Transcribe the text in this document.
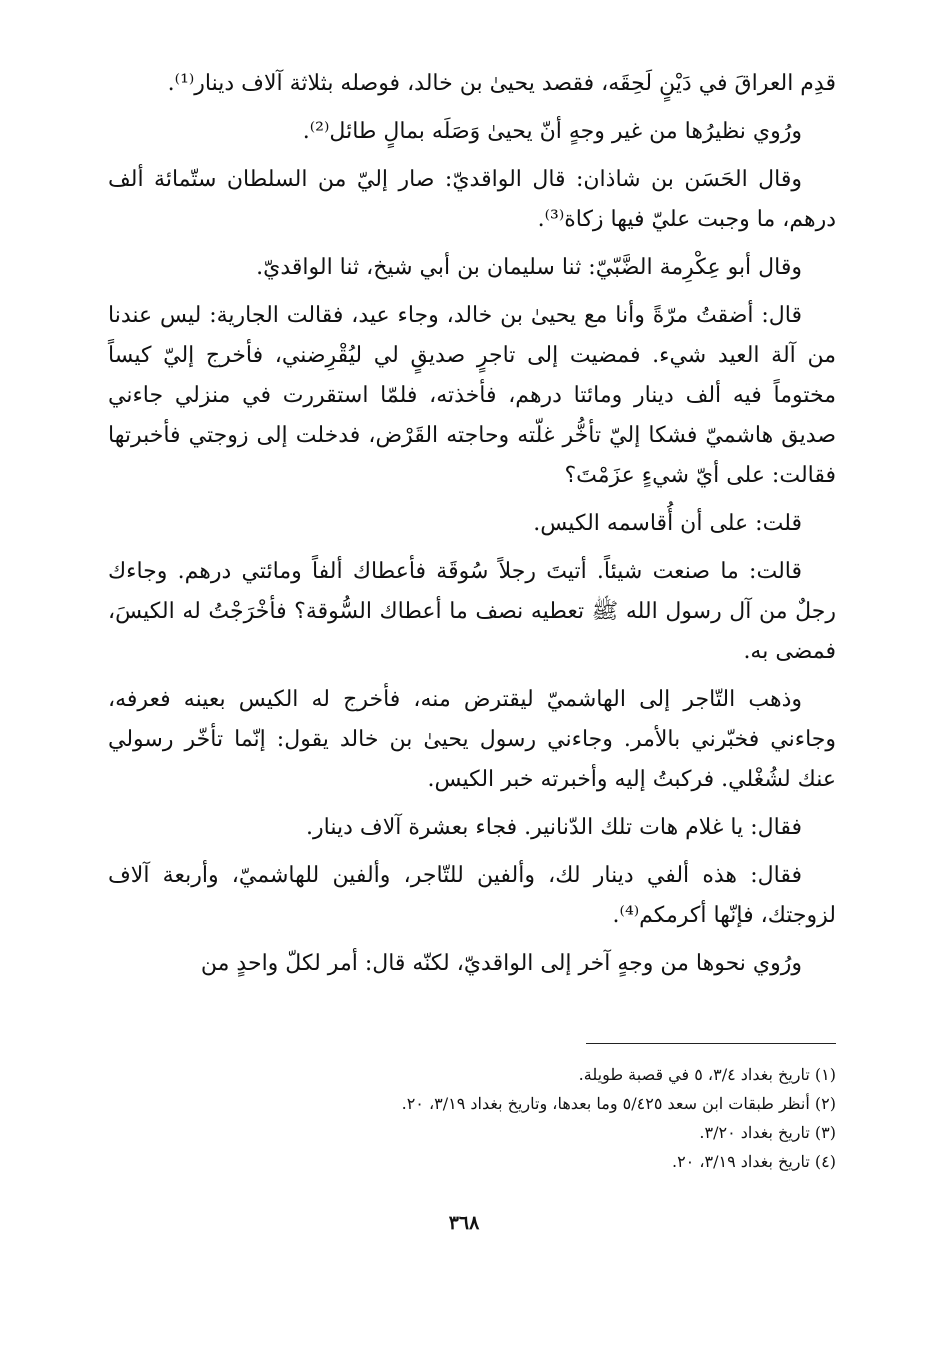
قدِم العراقَ في دَيْنٍ لَحِقَه، فقصد يحيىٰ بن خالد، فوصله بثلاثة آلاف دينار⁽¹⁾.

ورُوي نظيرُها من غير وجهٍ أنّ يحيىٰ وَصَلَه بمالٍ طائل⁽²⁾.

وقال الحَسَن بن شاذان: قال الواقديّ: صار إليّ من السلطان ستّمائة ألف درهم، ما وجبت عليّ فيها زكاة⁽³⁾.

وقال أبو عِكْرِمة الضَّبّيّ: ثنا سليمان بن أبي شيخ، ثنا الواقديّ.

قال: أضقتُ مرّةً وأنا مع يحيىٰ بن خالد، وجاء عيد، فقالت الجارية: ليس عندنا من آلة العيد شيء. فمضيت إلى تاجرٍ صديقٍ لي ليُقْرِضني، فأخرج إليّ كيساً مختوماً فيه ألف دينار ومائتا درهم، فأخذته، فلمّا استقررت في منزلي جاءني صديق هاشميّ فشكا إليّ تأخُّر غلّته وحاجته القَرْض، فدخلت إلى زوجتي فأخبرتها فقالت: على أيّ شيءٍ عزَمْتَ؟

قلت: على أن أُقاسمه الكيس.

قالت: ما صنعت شيئاً. أتيتَ رجلاً سُوقَة فأعطاك ألفاً ومائتي درهم. وجاءك رجلٌ من آل رسول الله ﷺ تعطيه نصف ما أعطاك السُّوقة؟ فأخْرَجْتُ له الكيسَ، فمضى به.

وذهب التّاجر إلى الهاشميّ ليقترض منه، فأخرج له الكيس بعينه فعرفه، وجاءني فخبّرني بالأمر. وجاءني رسول يحيىٰ بن خالد يقول: إنّما تأخّر رسولي عنك لشُغْلي. فركبتُ إليه وأخبرته خبر الكيس.

فقال: يا غلام هات تلك الدّنانير. فجاء بعشرة آلاف دينار.

فقال: هذه ألفي دينار لك، وألفين للتّاجر، وألفين للهاشميّ، وأربعة آلاف لزوجتك، فإنّها أكرمكم⁽⁴⁾.

ورُوي نحوها من وجهٍ آخر إلى الواقديّ، لكنّه قال: أمر لكلّ واحدٍ من

(١) تاريخ بغداد ٣/٤، ٥ في قصبة طويلة.

(٢) أنظر طبقات ابن سعد ٥/٤٢٥ وما بعدها، وتاريخ بغداد ٣/١٩، ٢٠.

(٣) تاريخ بغداد ٣/٢٠.

(٤) تاريخ بغداد ٣/١٩، ٢٠.

٣٦٨
